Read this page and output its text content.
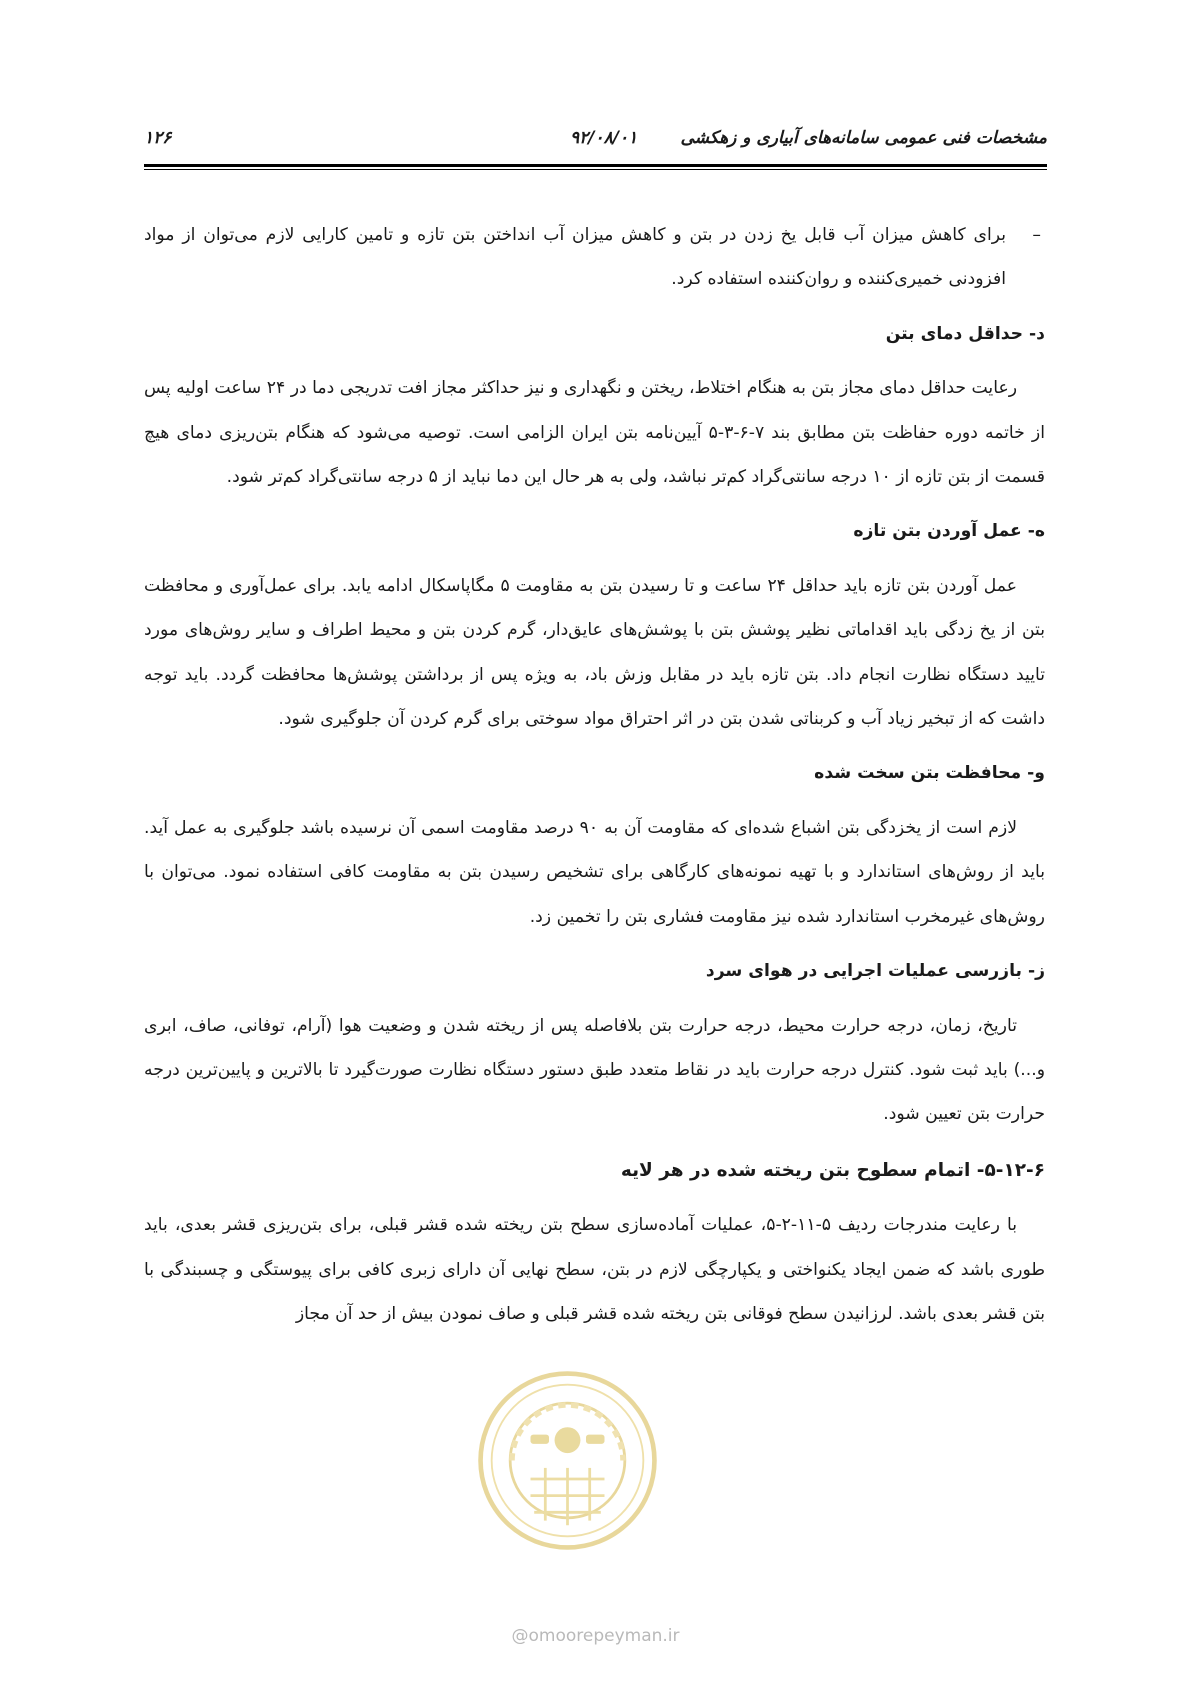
مشخصات فنی عمومی سامانه‌های آبیاری و زهکشی
۹۲/۰۸/۰۱
۱۲۶
–
برای کاهش میزان آب قابل یخ زدن در بتن و کاهش میزان آب انداختن بتن تازه و تامین کارایی لازم می‌توان از مواد افزودنی خمیری‌کننده و روان‌کننده استفاده کرد.
د- حداقل دمای بتن

رعایت حداقل دمای مجاز بتن به هنگام اختلاط، ریختن و نگهداری و نیز حداکثر مجاز افت تدریجی دما در ۲۴ ساعت اولیه پس از خاتمه دوره حفاظت بتن مطابق بند ۷-۶-۳-۵ آیین‌نامه بتن ایران الزامی است. توصیه می‌شود که هنگام بتن‌ریزی دمای هیچ قسمت از بتن تازه از ۱۰ درجه سانتی‌گراد کم‌تر نباشد، ولی به هر حال این دما نباید از ۵ درجه سانتی‌گراد کم‌تر شود.

ه- عمل آوردن بتن تازه

عمل آوردن بتن تازه باید حداقل ۲۴ ساعت و تا رسیدن بتن به مقاومت ۵ مگاپاسکال ادامه یابد. برای عمل‌آوری و محافظت بتن از یخ زدگی باید اقداماتی نظیر پوشش بتن با پوشش‌های عایق‌دار، گرم کردن بتن و محیط اطراف و سایر روش‌های مورد تایید دستگاه نظارت انجام داد. بتن تازه باید در مقابل وزش باد، به ویژه پس از برداشتن پوشش‌ها محافظت گردد. باید توجه داشت که از تبخیر زیاد آب و کربناتی شدن بتن در اثر احتراق مواد سوختی برای گرم کردن آن جلوگیری شود.

و- محافظت بتن سخت شده

لازم است از یخزدگی بتن اشباع شده‌ای که مقاومت آن به ۹۰ درصد مقاومت اسمی آن نرسیده باشد جلوگیری به عمل آید. باید از روش‌های استاندارد و با تهیه نمونه‌های کارگاهی برای تشخیص رسیدن بتن به مقاومت کافی استفاده نمود. می‌توان با روش‌های غیرمخرب استاندارد شده نیز مقاومت فشاری بتن را تخمین زد.

ز- بازرسی عملیات اجرایی در هوای سرد

تاریخ، زمان، درجه حرارت محیط، درجه حرارت بتن بلافاصله پس از ریخته شدن و وضعیت هوا (آرام، توفانی، صاف، ابری و...) باید ثبت شود. کنترل درجه حرارت باید در نقاط متعدد طبق دستور دستگاه نظارت صورت‌گیرد تا بالاترین و پایین‌ترین درجه حرارت بتن تعیین شود.

۵-۱۲-۶- اتمام سطوح بتن ریخته شده در هر لایه

با رعایت مندرجات ردیف ۵-۱۱-۲-۵، عملیات آماده‌سازی سطح بتن ریخته شده قشر قبلی، برای بتن‌ریزی قشر بعدی، باید طوری باشد که ضمن ایجاد یکنواختی و یکپارچگی لازم در بتن، سطح نهایی آن دارای زبری کافی برای پیوستگی و چسبندگی با بتن قشر بعدی باشد. لرزانیدن سطح فوقانی بتن ریخته شده قشر قبلی و صاف نمودن بیش از حد آن مجاز

@omoorepeyman.ir
